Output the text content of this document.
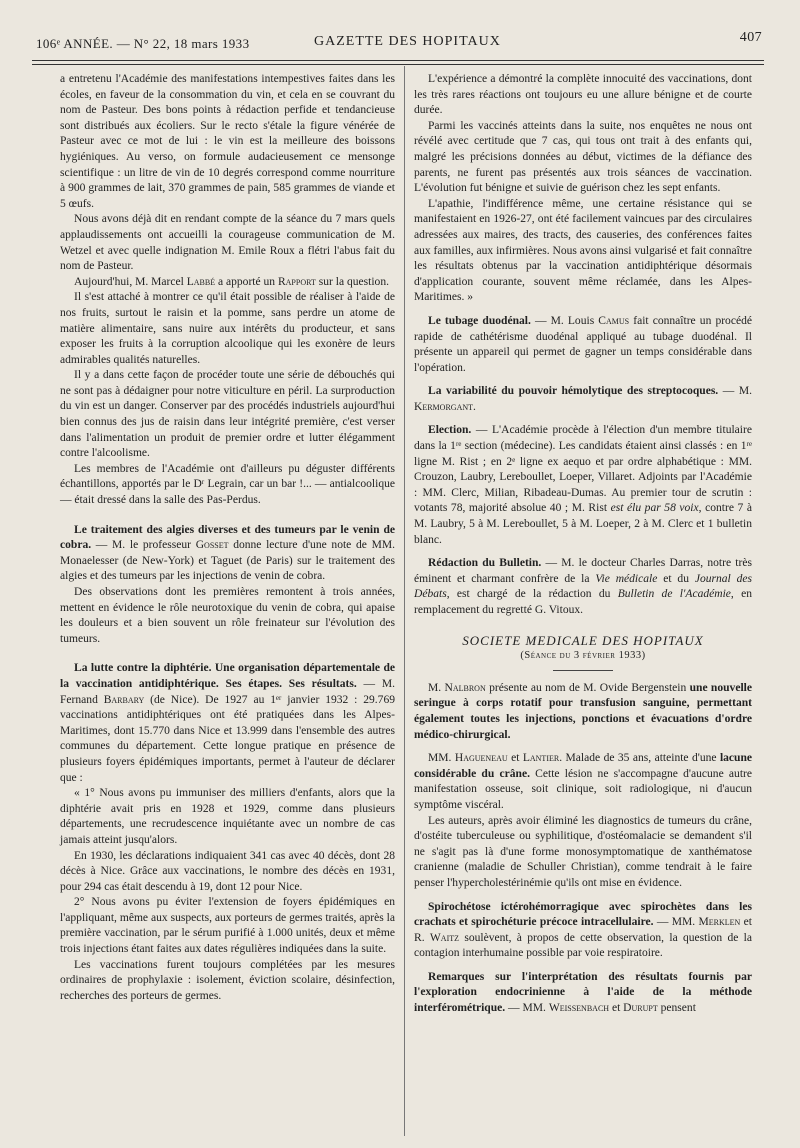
106ᵉ ANNÉE. — N° 22, 18 mars 1933	GAZETTE DES HOPITAUX	407

a entretenu l'Académie des manifestations intempestives faites dans les écoles, en faveur de la consommation du vin, et cela en se couvrant du nom de Pasteur. Des bons points à rédaction perfide et tendancieuse sont distribués aux écoliers. Sur le recto s'étale la figure vénérée de Pasteur avec ce mot de lui : le vin est la meilleure des boissons hygiéniques. Au verso, on formule audacieusement ce mensonge scientifique : un litre de vin de 10 degrés correspond comme nourriture à 900 grammes de lait, 370 grammes de pain, 585 grammes de viande et 5 œufs.

Nous avons déjà dit en rendant compte de la séance du 7 mars quels applaudissements ont accueilli la courageuse communication de M. Wetzel et avec quelle indignation M. Emile Roux a flétri l'abus fait du nom de Pasteur.

Aujourd'hui, M. Marcel Labbé a apporté un Rapport sur la question.

Il s'est attaché à montrer ce qu'il était possible de réaliser à l'aide de nos fruits, surtout le raisin et la pomme, sans perdre un atome de matière alimentaire, sans nuire aux intérêts du producteur, et sans exposer les fruits à la corruption alcoolique qui les exonère de leurs admirables qualités naturelles.

Il y a dans cette façon de procéder toute une série de débouchés qui ne sont pas à dédaigner pour notre viticulture en péril. La surproduction du vin est un danger. Conserver par des procédés industriels aujourd'hui bien connus des jus de raisin dans leur intégrité première, c'est verser dans l'alimentation un produit de premier ordre et lutter élégamment contre l'alcoolisme.

Les membres de l'Académie ont d'ailleurs pu déguster différents échantillons, apportés par le Dʳ Legrain, car un bar !... — antialcoolique — était dressé dans la salle des Pas-Perdus.

Le traitement des algies diverses et des tumeurs par le venin de cobra. — M. le professeur Gosset donne lecture d'une note de MM. Monaelesser (de New-York) et Taguet (de Paris) sur le traitement des algies et des tumeurs par les injections de venin de cobra.

Des observations dont les premières remontent à trois années, mettent en évidence le rôle neurotoxique du venin de cobra, qui apaise les douleurs et a bien souvent un rôle freinateur sur l'évolution des tumeurs.

La lutte contre la diphtérie. Une organisation départementale de la vaccination antidiphtérique. Ses étapes. Ses résultats. — M. Fernand Barbary (de Nice). De 1927 au 1ᵉʳ janvier 1932 : 29.769 vaccinations antidiphtériques ont été pratiquées dans les Alpes-Maritimes, dont 15.770 dans Nice et 13.999 dans l'ensemble des autres communes du département. Cette longue pratique en présence de plusieurs foyers épidémiques importants, permet à l'auteur de déclarer que :

« 1° Nous avons pu immuniser des milliers d'enfants, alors que la diphtérie avait pris en 1928 et 1929, comme dans plusieurs départements, une recrudescence inquiétante avec un nombre de cas jamais atteint jusqu'alors.

En 1930, les déclarations indiquaient 341 cas avec 40 décès, dont 28 décès à Nice. Grâce aux vaccinations, le nombre des décès en 1931, pour 294 cas était descendu à 19, dont 12 pour Nice.

2° Nous avons pu éviter l'extension de foyers épidémiques en l'appliquant, même aux suspects, aux porteurs de germes traités, après la première vaccination, par le sérum purifié à 1.000 unités, deux et même trois injections étant faites aux dates régulières indiquées dans la suite.

Les vaccinations furent toujours complétées par les mesures ordinaires de prophylaxie : isolement, éviction scolaire, désinfection, recherches des porteurs de germes.

L'expérience a démontré la complète innocuité des vaccinations, dont les très rares réactions ont toujours eu une allure bénigne et de courte durée.

Parmi les vaccinés atteints dans la suite, nos enquêtes ne nous ont révélé avec certitude que 7 cas, qui tous ont trait à des enfants qui, malgré les précisions données au début, victimes de la défiance des parents, ne furent pas présentés aux trois séances de vaccination. L'évolution fut bénigne et suivie de guérison chez les sept enfants.

L'apathie, l'indifférence même, une certaine résistance qui se manifestaient en 1926-27, ont été facilement vaincues par des circulaires adressées aux maires, des tracts, des causeries, des conférences faites aux familles, aux infirmières. Nous avons ainsi vulgarisé et fait connaître les résultats obtenus par la vaccination antidiphtérique désormais d'application courante, souvent même réclamée, dans les Alpes-Maritimes. »

Le tubage duodénal. — M. Louis Camus fait connaître un procédé rapide de cathétérisme duodénal appliqué au tubage duodénal. Il présente un appareil qui permet de gagner un temps considérable dans l'opération.

La variabilité du pouvoir hémolytique des streptocoques. — M. Kermorgant.

Election. — L'Académie procède à l'élection d'un membre titulaire dans la 1ʳᵉ section (médecine). Les candidats étaient ainsi classés : en 1ʳᵉ ligne M. Rist ; en 2ᵉ ligne ex aequo et par ordre alphabétique : MM. Crouzon, Laubry, Lereboullet, Loeper, Villaret. Adjoints par l'Académie : MM. Clerc, Milian, Ribadeau-Dumas. Au premier tour de scrutin : votants 78, majorité absolue 40 ; M. Rist est élu par 58 voix, contre 7 à M. Laubry, 5 à M. Lereboullet, 5 à M. Loeper, 2 à M. Clerc et 1 bulletin blanc.

Rédaction du Bulletin. — M. le docteur Charles Darras, notre très éminent et charmant confrère de la Vie médicale et du Journal des Débats, est chargé de la rédaction du Bulletin de l'Académie, en remplacement du regretté G. Vitoux.

SOCIETE MEDICALE DES HOPITAUX

(Séance du 3 février 1933)

M. Nalbron présente au nom de M. Ovide Bergenstein une nouvelle seringue à corps rotatif pour transfusion sanguine, permettant également toutes les injections, ponctions et évacuations d'ordre médico-chirurgical.

MM. Hagueneau et Lantier. Malade de 35 ans, atteinte d'une lacune considérable du crâne. Cette lésion ne s'accompagne d'aucune autre manifestation osseuse, soit clinique, soit radiologique, ni d'aucun symptôme viscéral.

Les auteurs, après avoir éliminé les diagnostics de tumeurs du crâne, d'ostéite tuberculeuse ou syphilitique, d'ostéomalacie se demandent s'il ne s'agit pas là d'une forme monosymptomatique de xanthématose cranienne (maladie de Schuller Christian), comme tendrait à le faire penser l'hypercholestérinémie qu'ils ont mise en évidence.

Spirochétose ictérohémorragique avec spirochètes dans les crachats et spirochéturie précoce intracellulaire. — MM. Merklen et R. Waitz soulèvent, à propos de cette observation, la question de la contagion interhumaine possible par voie respiratoire.

Remarques sur l'interprétation des résultats fournis par l'exploration endocrinienne à l'aide de la méthode interférométrique. — MM. Weissenbach et Durupt pensent
